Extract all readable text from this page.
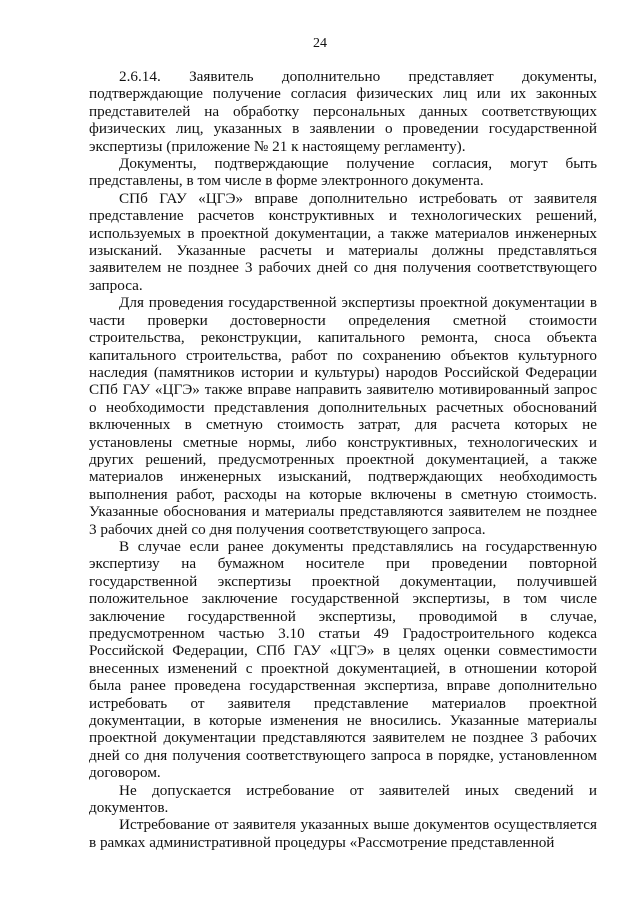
24

2.6.14. Заявитель дополнительно представляет документы, подтверждающие получение согласия физических лиц или их законных представителей на обработку персональных данных соответствующих физических лиц, указанных в заявлении о проведении государственной экспертизы (приложение № 21 к настоящему регламенту).

Документы, подтверждающие получение согласия, могут быть представлены, в том числе в форме электронного документа.

СПб ГАУ «ЦГЭ» вправе дополнительно истребовать от заявителя представление расчетов конструктивных и технологических решений, используемых в проектной документации, а также материалов инженерных изысканий. Указанные расчеты и материалы должны представляться заявителем не позднее 3 рабочих дней со дня получения соответствующего запроса.

Для проведения государственной экспертизы проектной документации в части проверки достоверности определения сметной стоимости строительства, реконструкции, капитального ремонта, сноса объекта капитального строительства, работ по сохранению объектов культурного наследия (памятников истории и культуры) народов Российской Федерации СПб ГАУ «ЦГЭ» также вправе направить заявителю мотивированный запрос о необходимости представления дополнительных расчетных обоснований включенных в сметную стоимость затрат, для расчета которых не установлены сметные нормы, либо конструктивных, технологических и других решений, предусмотренных проектной документацией, а также материалов инженерных изысканий, подтверждающих необходимость выполнения работ, расходы на которые включены в сметную стоимость. Указанные обоснования и материалы представляются заявителем не позднее 3 рабочих дней со дня получения соответствующего запроса.

В случае если ранее документы представлялись на государственную экспертизу на бумажном носителе при проведении повторной государственной экспертизы проектной документации, получившей положительное заключение государственной экспертизы, в том числе заключение государственной экспертизы, проводимой в случае, предусмотренном частью 3.10 статьи 49 Градостроительного кодекса Российской Федерации, СПб ГАУ «ЦГЭ» в целях оценки совместимости внесенных изменений с проектной документацией, в отношении которой была ранее проведена государственная экспертиза, вправе дополнительно истребовать от заявителя представление материалов проектной документации, в которые изменения не вносились. Указанные материалы проектной документации представляются заявителем не позднее 3 рабочих дней со дня получения соответствующего запроса в порядке, установленном договором.

Не допускается истребование от заявителей иных сведений и документов.

Истребование от заявителя указанных выше документов осуществляется в рамках административной процедуры «Рассмотрение представленной
